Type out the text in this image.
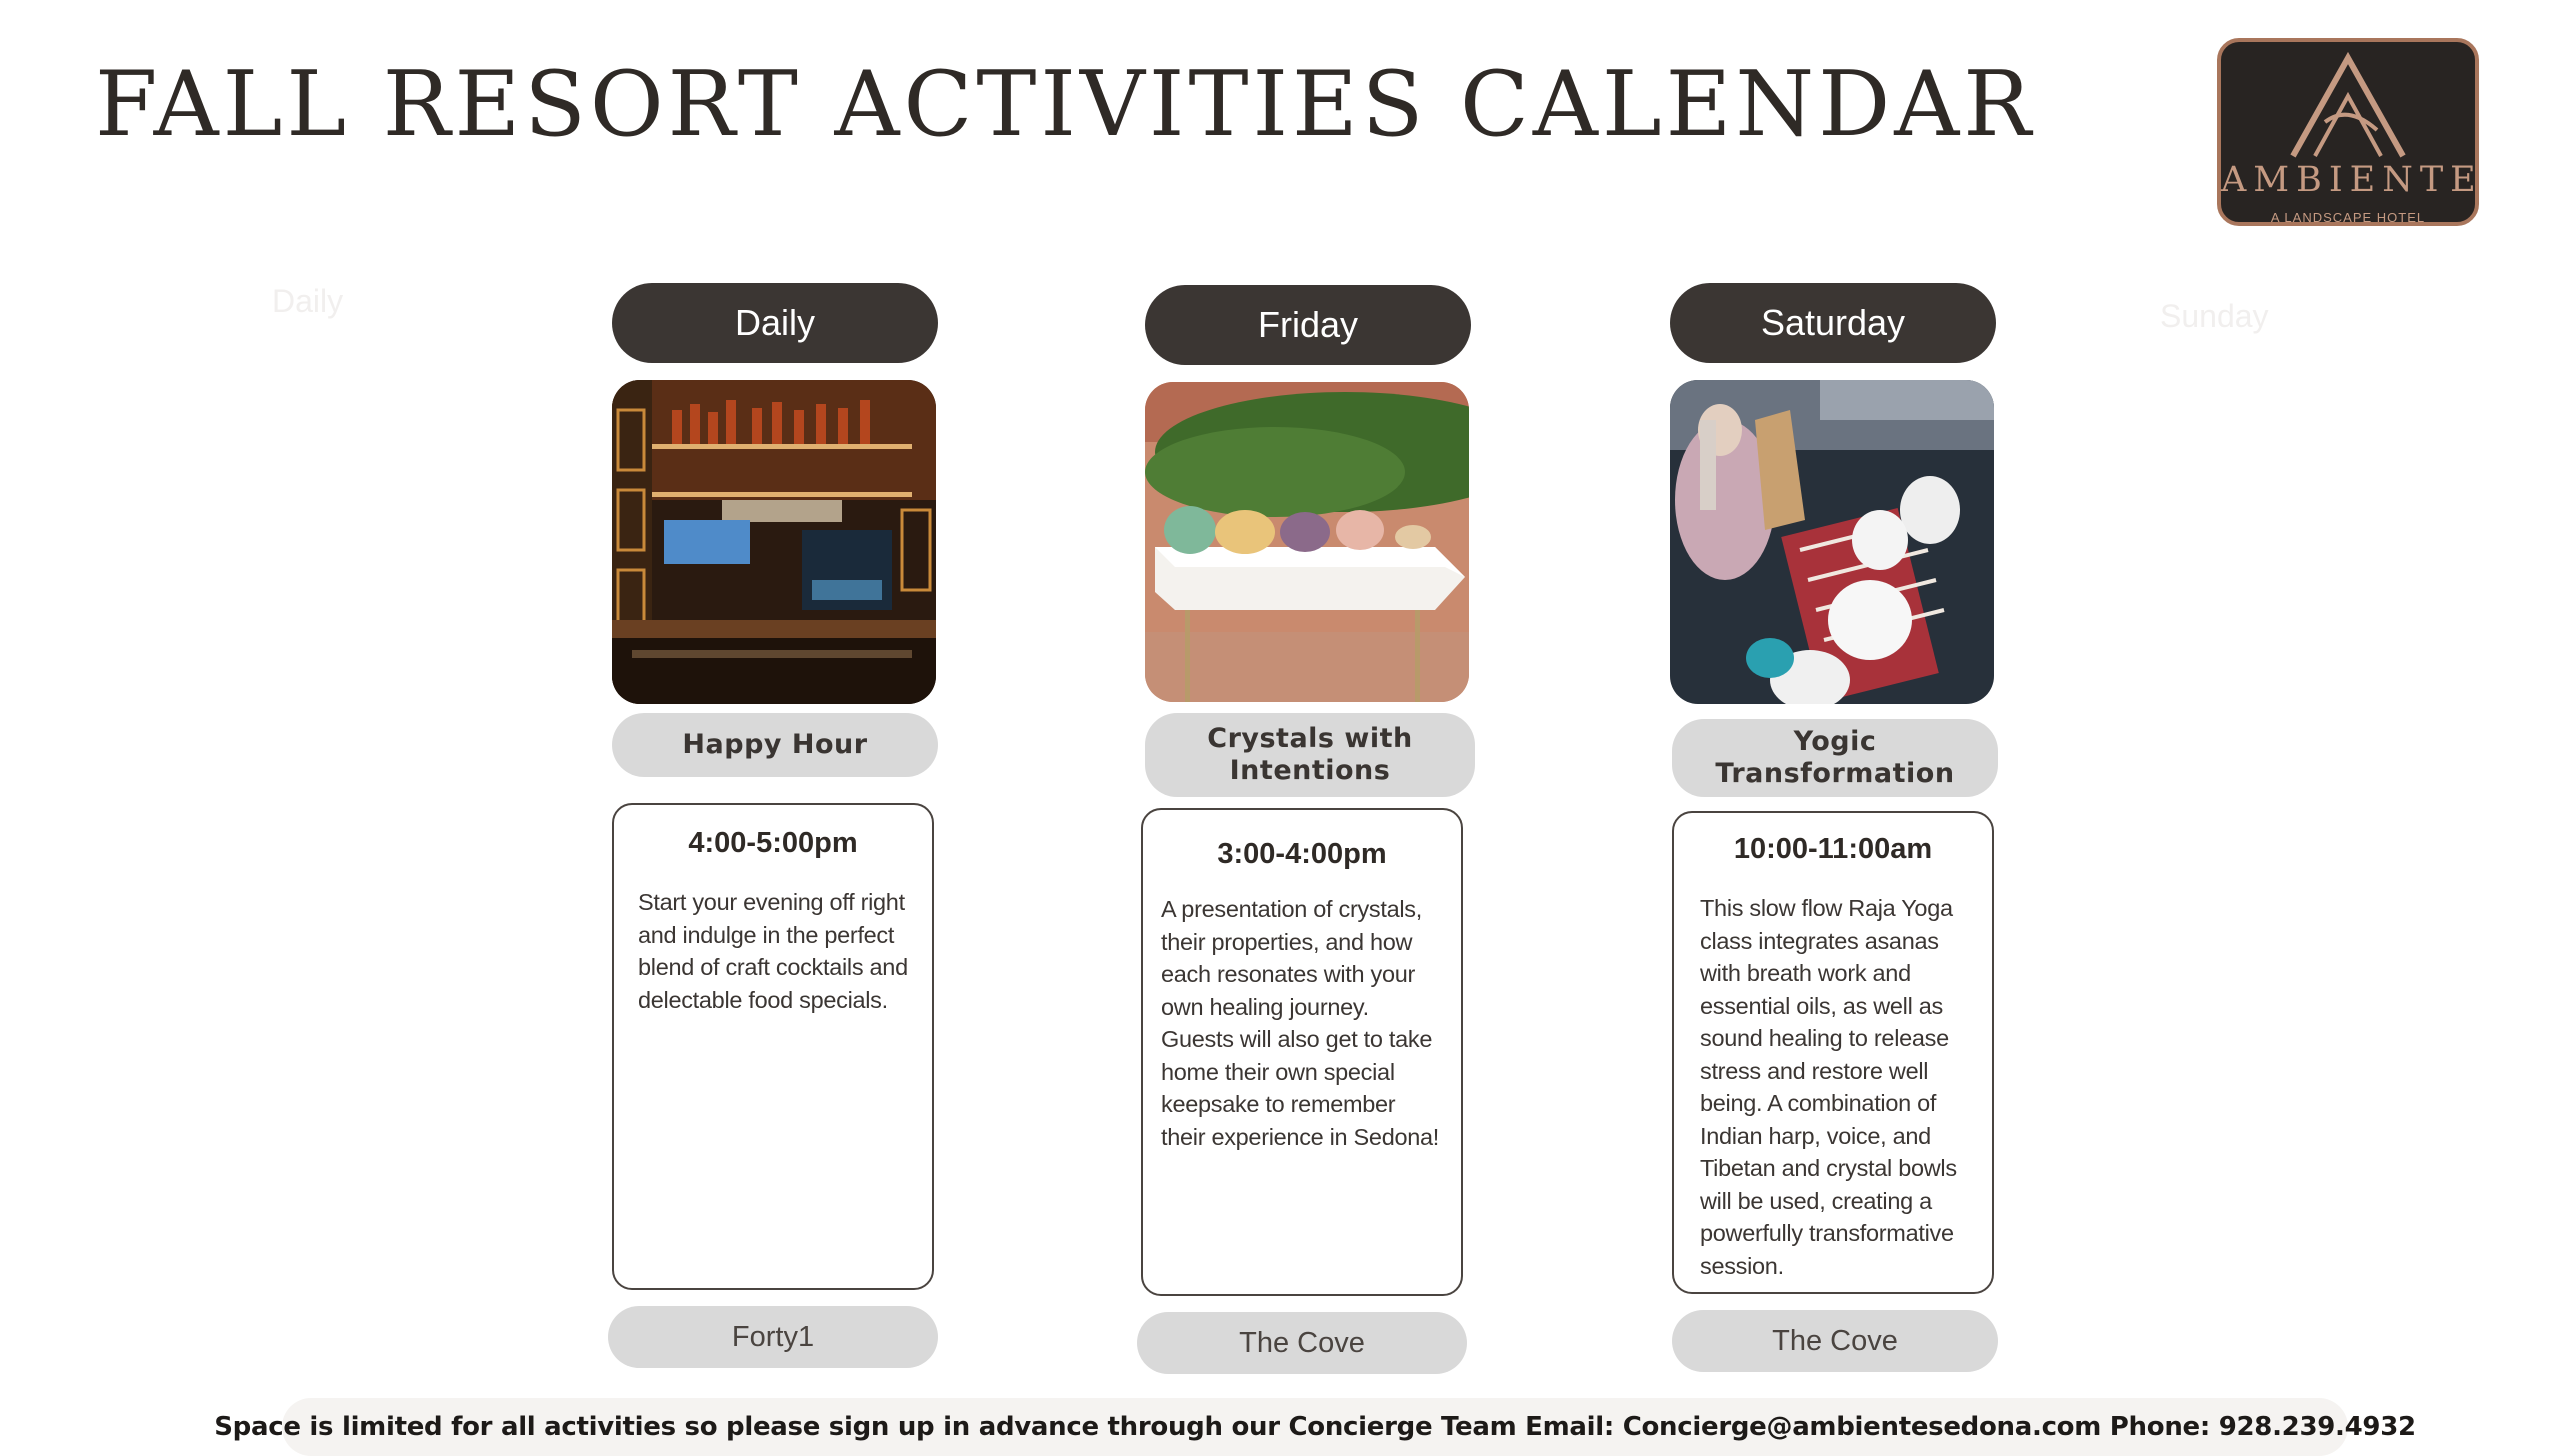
FALL RESORT ACTIVITIES CALENDAR
AMBIENTE
A LANDSCAPE HOTEL
Daily	Sunday
Daily
Happy Hour
4:00-5:00pm
Start your evening off right and indulge in the perfect blend of craft cocktails and delectable food specials.
Forty1
Friday
Crystals with Intentions
3:00-4:00pm
A presentation of crystals, their properties, and how each resonates with your own healing journey. Guests will also get to take home their own special keepsake to remember their experience in Sedona!
The Cove
Saturday
Yogic Transformation
10:00-11:00am
This slow flow Raja Yoga class integrates asanas with breath work and essential oils, as well as sound healing to release stress and restore well being. A combination of Indian harp, voice, and Tibetan and crystal bowls will be used, creating a powerfully transformative session.
The Cove
Space is limited for all activities so please sign up in advance through our Concierge Team Email: Concierge@ambientesedona.com Phone: 928.239.4932
